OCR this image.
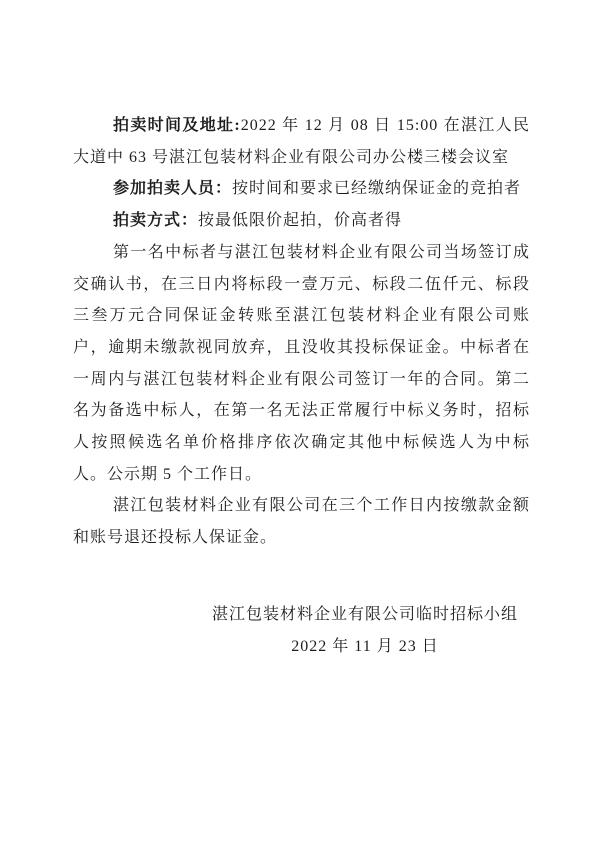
拍卖时间及地址:2022 年 12 月 08 日 15:00 在湛江人民大道中 63 号湛江包装材料企业有限公司办公楼三楼会议室

参加拍卖人员：按时间和要求已经缴纳保证金的竞拍者

拍卖方式：按最低限价起拍，价高者得

第一名中标者与湛江包装材料企业有限公司当场签订成交确认书，在三日内将标段一壹万元、标段二伍仟元、标段三叁万元合同保证金转账至湛江包装材料企业有限公司账户，逾期未缴款视同放弃，且没收其投标保证金。中标者在一周内与湛江包装材料企业有限公司签订一年的合同。第二名为备选中标人，在第一名无法正常履行中标义务时，招标人按照候选名单价格排序依次确定其他中标候选人为中标人。公示期 5 个工作日。

湛江包装材料企业有限公司在三个工作日内按缴款金额和账号退还投标人保证金。

湛江包装材料企业有限公司临时招标小组

2022 年 11 月 23 日
